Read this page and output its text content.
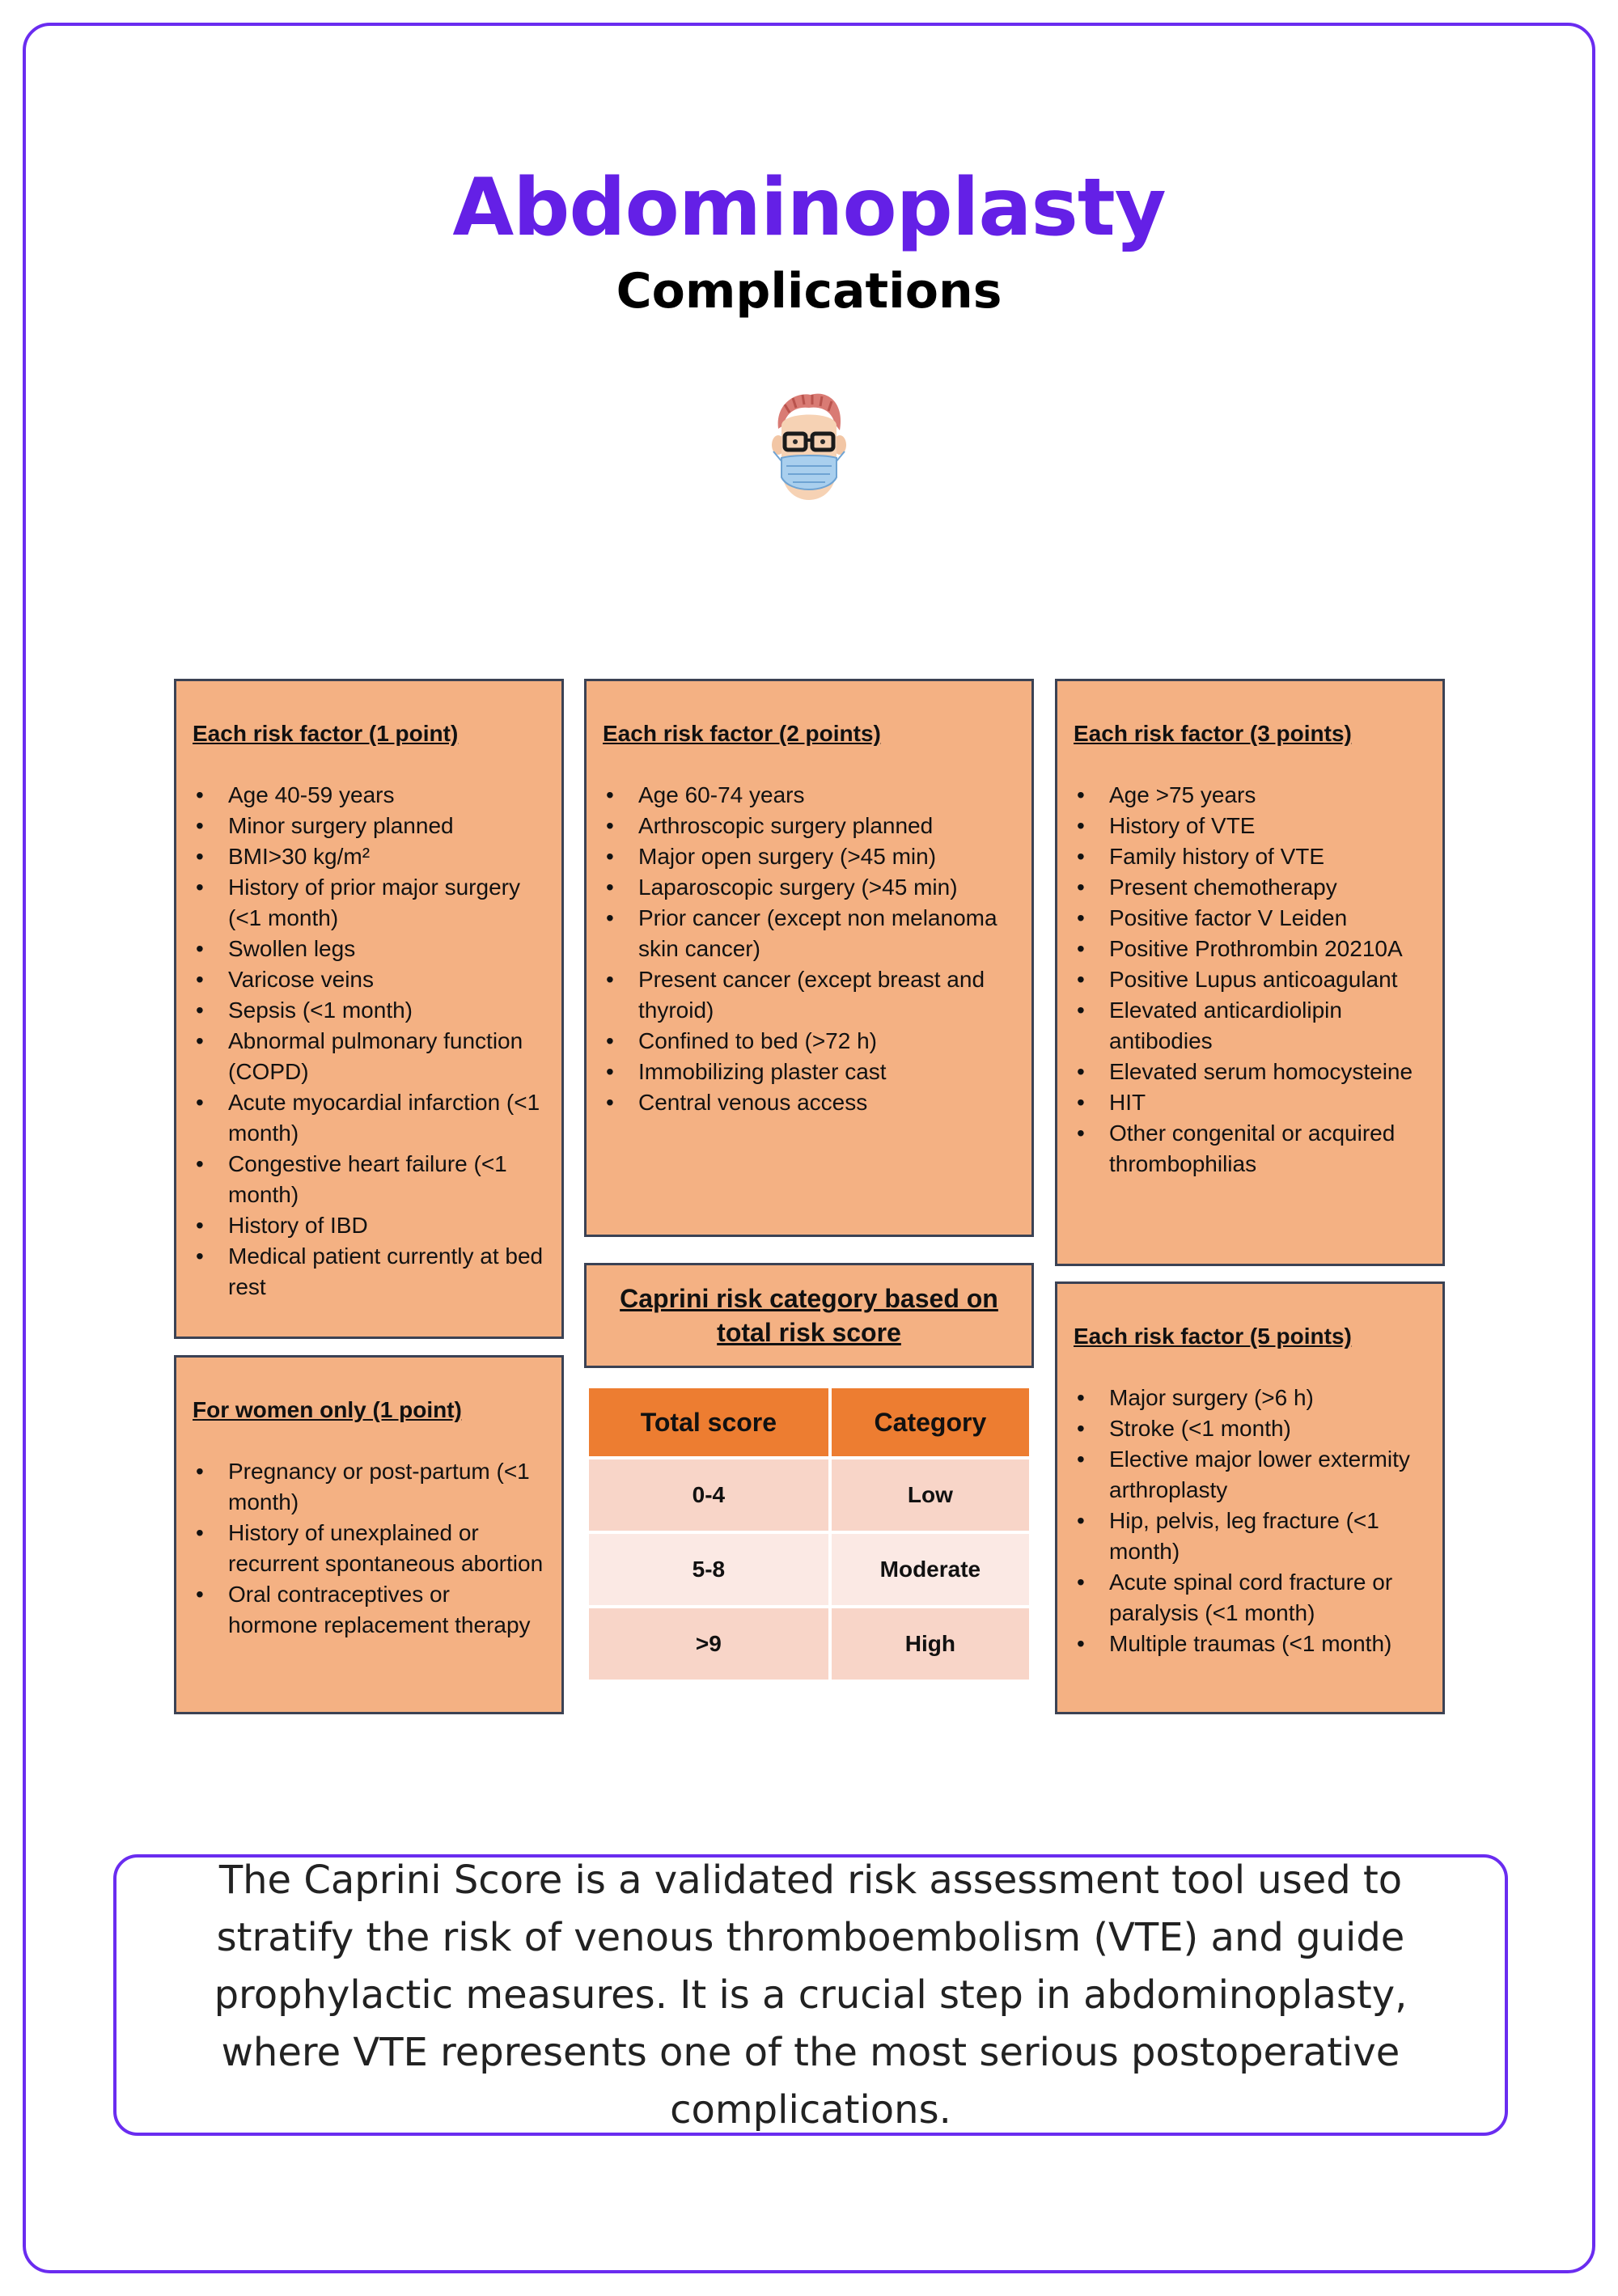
Abdominoplasty
Complications
Each risk factor (1 point)
• Age 40-59 years
• Minor surgery planned
• BMI>30 kg/m²
• History of prior major surgery (<1 month)
• Swollen legs
• Varicose veins
• Sepsis (<1 month)
• Abnormal pulmonary function (COPD)
• Acute myocardial infarction (<1 month)
• Congestive heart failure (<1 month)
• History of IBD
• Medical patient currently at bed rest
Each risk factor (2 points)
• Age 60-74 years
• Arthroscopic surgery planned
• Major open surgery (>45 min)
• Laparoscopic surgery (>45 min)
• Prior cancer (except non melanoma skin cancer)
• Present cancer (except breast and thyroid)
• Confined to bed (>72 h)
• Immobilizing plaster cast
• Central venous access
Each risk factor (3 points)
• Age >75 years
• History of VTE
• Family history of VTE
• Present chemotherapy
• Positive factor V Leiden
• Positive Prothrombin 20210A
• Positive Lupus anticoagulant
• Elevated anticardiolipin antibodies
• Elevated serum homocysteine
• HIT
• Other congenital or acquired thrombophilias
For women only (1 point)
• Pregnancy or post-partum (<1 month)
• History of unexplained or recurrent spontaneous abortion
• Oral contraceptives or hormone replacement therapy
Each risk factor (5 points)
• Major surgery (>6 h)
• Stroke (<1 month)
• Elective major lower extermity arthroplasty
• Hip, pelvis, leg fracture (<1 month)
• Acute spinal cord fracture or paralysis (<1 month)
• Multiple traumas (<1 month)
Caprini risk category based on total risk score
Total score	Category
0-4	Low
5-8	Moderate
>9	High

The Caprini Score is a validated risk assessment tool used to stratify the risk of venous thromboembolism (VTE) and guide prophylactic measures. It is a crucial step in abdominoplasty, where VTE represents one of the most serious postoperative complications.
